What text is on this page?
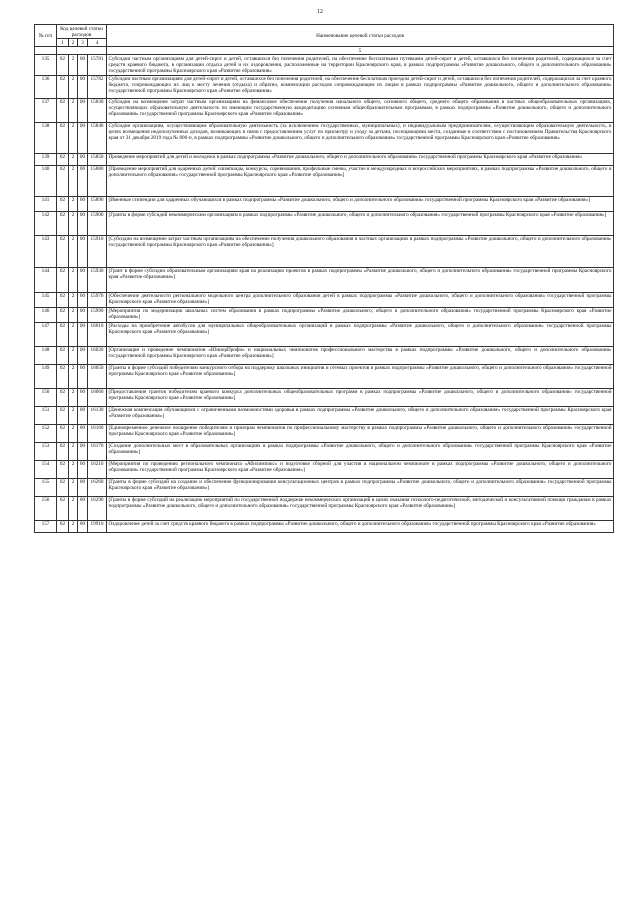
12
№ п/п	Код целевой статьи расходов				Наименование целевой статьи расходов
	1	2	3	4	
					5
135	02	2	00	15781	Субсидии частным организациям для детей-сирот и детей, оставшихся без попечения родителей, на обеспечение бесплатными путевками детей-сирот и детей, оставшихся без попечения родителей, содержащихся за счет средств краевого бюджета, в организации отдыха детей и их оздоровления, расположенные на территории Красноярского края, в рамках подпрограммы «Развитие дошкольного, общего и дополнительного образования» государственной программы Красноярского края «Развитие образования»
136	02	2	00	15782	Субсидии частным организациям для детей-сирот и детей, оставшихся без попечения родителей, на обеспечение бесплатным проездом детей-сирот и детей, оставшихся без попечения родителей, содержащихся за счет краевого бюджета, сопровождающих их лиц к месту лечения (отдыха) и обратно, компенсации расходов сопровождающим их лицам в рамках подпрограммы «Развитие дошкольного, общего и дополнительного образования» государственной программы Красноярского края «Развитие образования»
137	02	2	00	15830	Субсидии на возмещение затрат частным организациям на финансовое обеспечение получения начального общего, основного общего, среднего общего образования в частных общеобразовательных организациях, осуществляющих образовательную деятельность по имеющим государственную аккредитацию основным общеобразовательным программам, в рамках подпрограммы «Развитие дошкольного, общего и дополнительного образования» государственной программы Красноярского края «Развитие образования»
138	02	2	00	15840	Субсидии организациям, осуществляющим образовательную деятельность (за исключением государственных, муниципальных), и индивидуальным предпринимателям, осуществляющим образовательную деятельность, в целях возмещения недополученных доходов, возникающих в связи с предоставлением услуг по присмотру и уходу за детьми, посещающими места, созданные в соответствии с постановлением Правительства Красноярского края от 31 декабря 2019 года № 806-п, в рамках подпрограммы «Развитие дошкольного, общего и дополнительного образования» государственной программы Красноярского края «Развитие образования»
139	02	2	00	15850	Проведение мероприятий для детей и молодежи в рамках подпрограммы «Развитие дошкольного, общего и дополнительного образования» государственной программы Красноярского края «Развитие образования»
140	02	2	00	15880	[Проведение мероприятий для одаренных детей: олимпиады, конкурсы, соревнования, профильные смены, участие в международных и всероссийских мероприятиях, в рамках подпрограммы «Развитие дошкольного, общего и дополнительного образования» государственной программы Красноярского края «Развитие образования»]
141	02	2	00	15890	[Именные стипендии для одаренных обучающихся в рамках подпрограммы «Развитие дошкольного, общего и дополнительного образования» государственной программы Красноярского края «Развитие образования»]
142	02	2	00	15900	[Гранты в форме субсидий некоммерческим организациям в рамках подпрограммы «Развитие дошкольного, общего и дополнительного образования» государственной программы Красноярского края «Развитие образования»]
143	02	2	00	15910	[Субсидии на возмещение затрат частным организациям на обеспечение получения дошкольного образования в частных организациях в рамках подпрограммы «Развитие дошкольного, общего и дополнительного образования» государственной программы Красноярского края «Развитие образования»]
144	02	2	00	15930	[Грант в форме субсидии образовательным организациям края на реализацию проектов в рамках подпрограммы «Развитие дошкольного, общего и дополнительного образования» государственной программы Красноярского края «Развитие образования»]
145	02	2	00	15970	[Обеспечение деятельности регионального модельного центра дополнительного образования детей в рамках подпрограммы «Развитие дошкольного, общего и дополнительного образования» государственной программы Красноярского края «Развитие образования»]
146	02	2	00	15990	[Мероприятия по модернизации школьных систем образования в рамках подпрограммы «Развитие дошкольного, общего и дополнительного образования» государственной программы Красноярского края «Развитие образования»]
147	02	2	00	16010	[Расходы на приобретение автобусов для муниципальных общеобразовательных организаций в рамках подпрограммы «Развитие дошкольного, общего и дополнительного образования» государственной программы Красноярского края «Развитие образования»]
148	02	2	00	16020	[Организация и проведение чемпионатов «ЮниорПрофи» и национальных чемпионатов профессионального мастерства в рамках подпрограммы «Развитие дошкольного, общего и дополнительного образования» государственной программы Красноярского края «Развитие образования»]
149	02	2	00	16050	[Гранты в форме субсидий победителям конкурсного отбора на поддержку школьных инициатив и сетевых проектов в рамках подпрограммы «Развитие дошкольного, общего и дополнительного образования» государственной программы Красноярского края «Развитие образования»]
150	02	2	00	16060	[Предоставление грантов победителям краевого конкурса дополнительных общеобразовательных программ в рамках подпрограммы «Развитие дошкольного, общего и дополнительного образования» государственной программы Красноярского края «Развитие образования»]
151	02	2	00	16130	[Денежная компенсация обучающимся с ограниченными возможностями здоровья в рамках подпрограммы «Развитие дошкольного, общего и дополнительного образования» государственной программы Красноярского края «Развитие образования»]
152	02	2	00	16160	[Единовременное денежное поощрение победителям и призерам чемпионатов по профессиональному мастерству в рамках подпрограммы «Развитие дошкольного, общего и дополнительного образования» государственной программы Красноярского края «Развитие образования»]
153	02	2	00	16170	[Создание дополнительных мест в образовательных организациях в рамках подпрограммы «Развитие дошкольного, общего и дополнительного образования» государственной программы Красноярского края «Развитие образования»]
154	02	2	00	16210	[Мероприятия по проведению регионального чемпионата «Абилимпикс» и подготовке сборной для участия в национальном чемпионате в рамках подпрограммы «Развитие дошкольного, общего и дополнительного образования» государственной программы Красноярского края «Развитие образования»]
155	02	2	00	16260	[Гранты в форме субсидий на создание и обеспечение функционирования консультационных центров в рамках подпрограммы «Развитие дошкольного, общего и дополнительного образования» государственной программы Красноярского края «Развитие образования»]
156	02	2	00	16290	[Гранты в форме субсидий на реализацию мероприятий по государственной поддержке некоммерческих организаций в целях оказания психолого-педагогической, методической и консультативной помощи гражданам в рамках подпрограммы «Развитие дошкольного, общего и дополнительного образования» государственной программы Красноярского края «Развитие образования»]
157	02	2	00	19910	Оздоровление детей за счет средств краевого бюджета в рамках подпрограммы «Развитие дошкольного, общего и дополнительного образования» государственной программы Красноярского края «Развитие образования»
